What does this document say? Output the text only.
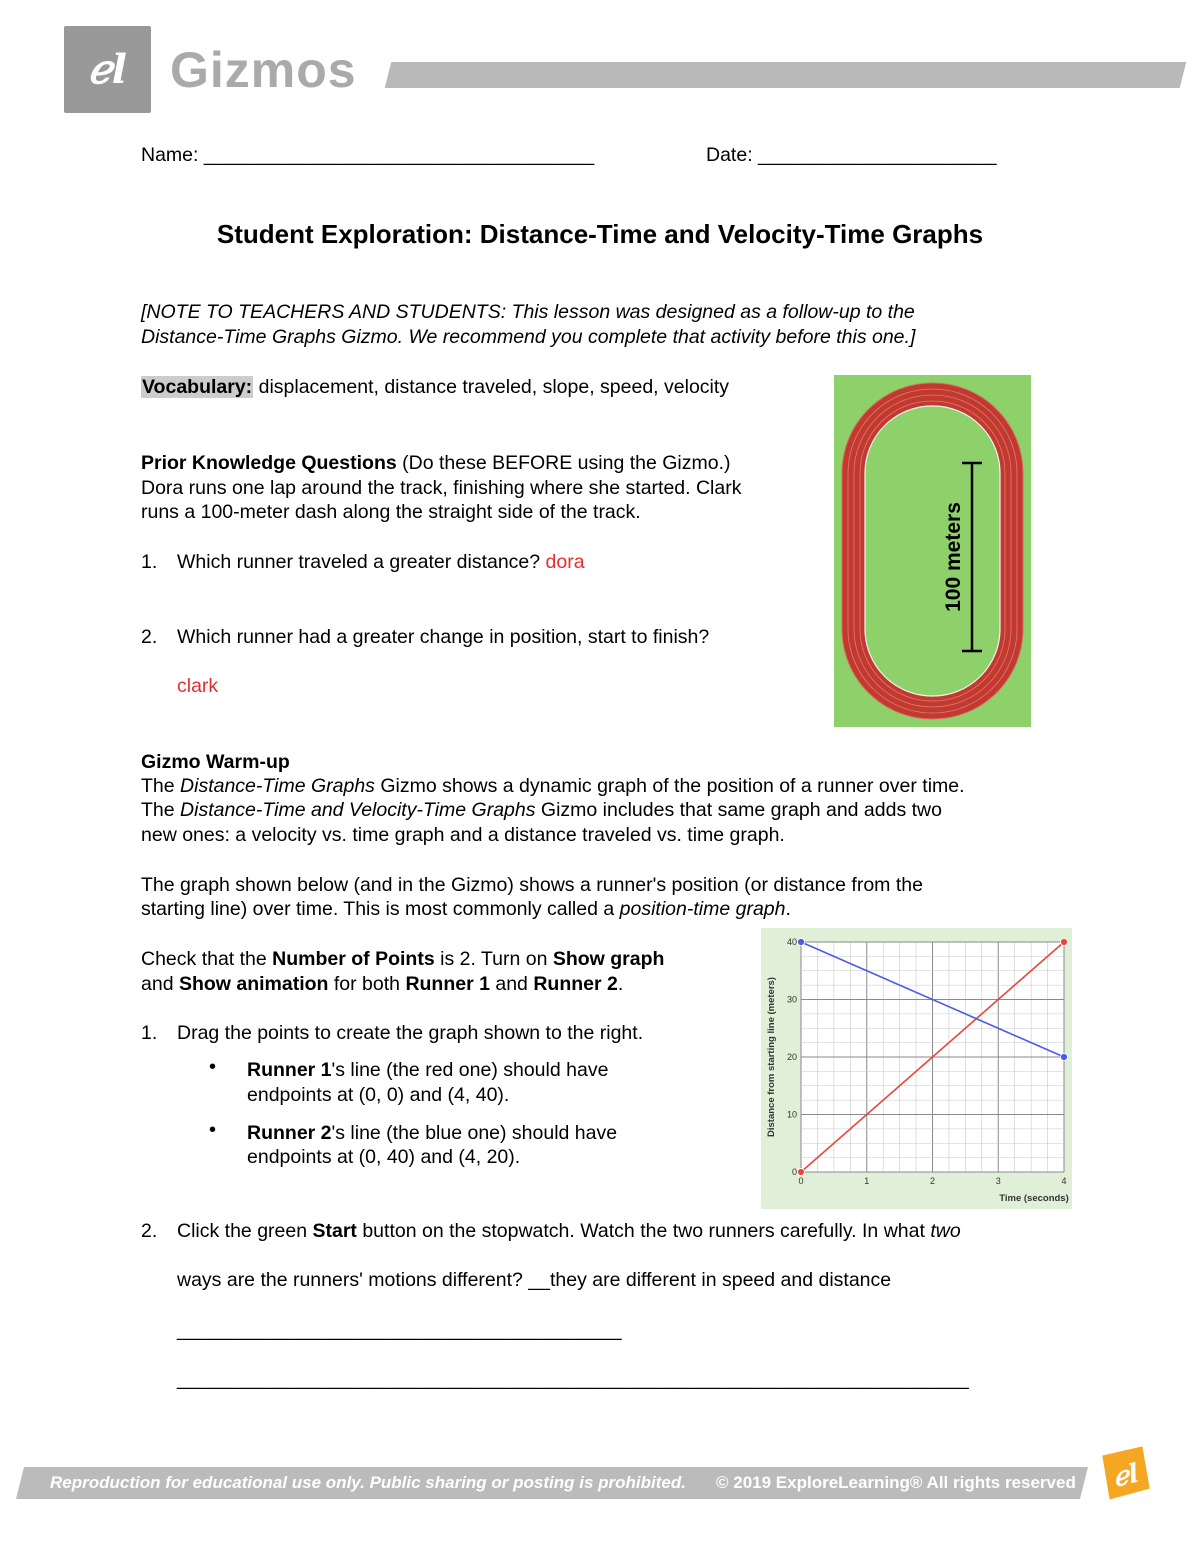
ℯl Gizmos
Name: ____________________________________	Date: ______________________
Student Exploration: Distance-Time and Velocity-Time Graphs
[NOTE TO TEACHERS AND STUDENTS: This lesson was designed as a follow-up to the
Distance-Time Graphs Gizmo. We recommend you complete that activity before this one.]
Vocabulary: displacement, distance traveled, slope, speed, velocity
Prior Knowledge Questions (Do these BEFORE using the Gizmo.)
Dora runs one lap around the track, finishing where she started. Clark
runs a 100-meter dash along the straight side of the track.
1. Which runner traveled a greater distance? dora
2. Which runner had a greater change in position, start to finish?
clark
100 meters
Gizmo Warm-up
The Distance-Time Graphs Gizmo shows a dynamic graph of the position of a runner over time.
The Distance-Time and Velocity-Time Graphs Gizmo includes that same graph and adds two
new ones: a velocity vs. time graph and a distance traveled vs. time graph.
The graph shown below (and in the Gizmo) shows a runner's position (or distance from the
starting line) over time. This is most commonly called a position-time graph.
Check that the Number of Points is 2. Turn on Show graph
and Show animation for both Runner 1 and Runner 2.
1. Drag the points to create the graph shown to the right.
• Runner 1's line (the red one) should have
endpoints at (0, 0) and (4, 40).
• Runner 2's line (the blue one) should have
endpoints at (0, 40) and (4, 20).
0	1	2	3	4
0
10
20
30
40
Time (seconds)
Distance from starting line (meters)
2. Click the green Start button on the stopwatch. Watch the two runners carefully. In what two
ways are the runners' motions different? __they are different in speed and distance
_________________________________________
_________________________________________________________________________
Reproduction for educational use only. Public sharing or posting is prohibited. © 2019 ExploreLearning® All rights reserved ℯl
